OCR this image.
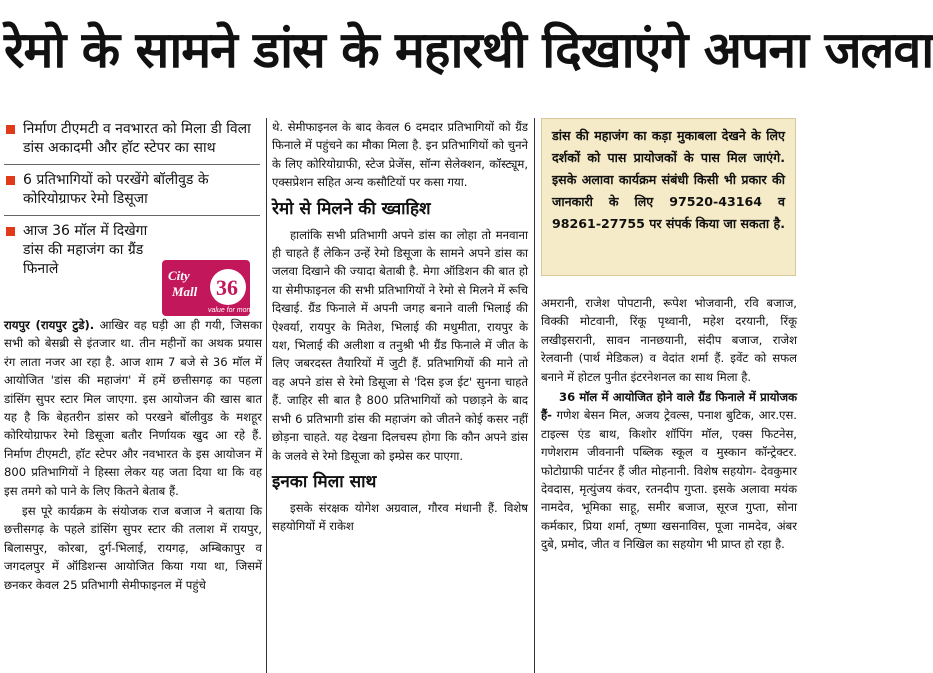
रेमो के सामने डांस के महारथी दिखाएंगे अपना जलवा
निर्माण टीएमटी व नवभारत को मिला डी विला डांस अकादमी और हॉट स्टेपर का साथ
6 प्रतिभागियों को परखेंगे बॉलीवुड के कोरियोग्राफर रेमो डिसूजा
आज 36 मॉल में दिखेगा डांस की महाजंग का ग्रैंड फिनाले	City
Mall 36
value for money

रायपुर (रायपुर टुडे). आखिर वह घड़ी आ ही गयी, जिसका सभी को बेसब्री से इंतजार था. तीन महीनों का अथक प्रयास रंग लाता नजर आ रहा है. आज शाम 7 बजे से 36 मॉल में आयोजित 'डांस की महाजंग' में हमें छत्तीसगढ़ का पहला डांसिंग सुपर स्टार मिल जाएगा. इस आयोजन की खास बात यह है कि बेहतरीन डांसर को परखने बॉलीवुड के मशहूर कोरियोग्राफर रेमो डिसूजा बतौर निर्णायक खुद आ रहे हैं. निर्माण टीएमटी, हॉट स्टेपर और नवभारत के इस आयोजन में 800 प्रतिभागियों ने हिस्सा लेकर यह जता दिया था कि वह इस तमगे को पाने के लिए कितने बेताब हैं.

इस पूरे कार्यक्रम के संयोजक राज बजाज ने बताया कि छत्तीसगढ़ के पहले डांसिंग सुपर स्टार की तलाश में रायपुर, बिलासपुर, कोरबा, दुर्ग-भिलाई, रायगढ़, अम्बिकापुर व जगदलपुर में ऑडिशन्स आयोजित किया गया था, जिसमें छनकर केवल 25 प्रतिभागी सेमीफाइनल में पहुंचे

थे. सेमीफाइनल के बाद केवल 6 दमदार प्रतिभागियों को ग्रैंड फिनाले में पहुंचने का मौका मिला है. इन प्रतिभागियों को चुनने के लिए कोरियोग्राफी, स्टेज प्रेजेंस, सॉन्ग सेलेक्शन, कॉस्ट्यूम, एक्सप्रेशन सहित अन्य कसौटियों पर कसा गया.

रेमो से मिलने की ख्वाहिश

हालांकि सभी प्रतिभागी अपने डांस का लोहा तो मनवाना ही चाहते हैं लेकिन उन्हें रेमो डिसूजा के सामने अपने डांस का जलवा दिखाने की ज्यादा बेताबी है. मेगा ऑडिशन की बात हो या सेमीफाइनल की सभी प्रतिभागियों ने रेमो से मिलने में रूचि दिखाई. ग्रैंड फिनाले में अपनी जगह बनाने वाली भिलाई की ऐश्वर्या, रायपुर के मितेश, भिलाई की मधुमीता, रायपुर के यश, भिलाई की अलीशा व तनुश्री भी ग्रैंड फिनाले में जीत के लिए जबरदस्त तैयारियों में जुटी हैं. प्रतिभागियों की माने तो वह अपने डांस से रेमो डिसूजा से 'दिस इज ईट' सुनना चाहते हैं. जाहिर सी बात है 800 प्रतिभागियों को पछाड़ने के बाद सभी 6 प्रतिभागी डांस की महाजंग को जीतने कोई कसर नहीं छोड़ना चाहते. यह देखना दिलचस्प होगा कि कौन अपने डांस के जलवे से रेमो डिसूजा को इम्प्रेस कर पाएगा.

इनका मिला साथ

इसके संरक्षक योगेश अग्रवाल, गौरव मंधानी हैं. विशेष सहयोगियों में राकेश

डांस की महाजंग का कड़ा मुकाबला देखने के लिए दर्शकों को पास प्रायोजकों के पास मिल जाएंगे. इसके अलावा कार्यक्रम संबंधी किसी भी प्रकार की जानकारी के लिए 97520-43164 व 98261-27755 पर संपर्क किया जा सकता है.

अमरानी, राजेश पोपटानी, रूपेश भोजवानी, रवि बजाज, विक्की मोटवानी, रिंकू पृथ्वानी, महेश दरयानी, रिंकू लखीइसरानी, सावन नानछयानी, संदीप बजाज, राजेश रेलवानी (पार्थ मेडिकल) व वेदांत शर्मा हैं. इवेंट को सफल बनाने में होटल पुनीत इंटरनेशनल का साथ मिला है.

36 मॉल में आयोजित होने वाले ग्रैंड फिनाले में प्रायोजक हैं- गणेश बेसन मिल, अजय ट्रेवल्स, पनाश बुटिक, आर.एस. टाइल्स एंड बाथ, किशोर शॉपिंग मॉल, एक्स फिटनेस, गणेशराम जीवनानी पब्लिक स्कूल व मुस्कान कॉन्ट्रेक्टर. फोटोग्राफी पार्टनर हैं जीत मोहनानी. विशेष सहयोग- देवकुमार देवदास, मृत्युंजय कंवर, रतनदीप गुप्ता. इसके अलावा मयंक नामदेव, भूमिका साहू, समीर बजाज, सूरज गुप्ता, सोना कर्मकार, प्रिया शर्मा, तृष्णा खसनाविस, पूजा नामदेव, अंबर दुबे, प्रमोद, जीत व निखिल का सहयोग भी प्राप्त हो रहा है.
